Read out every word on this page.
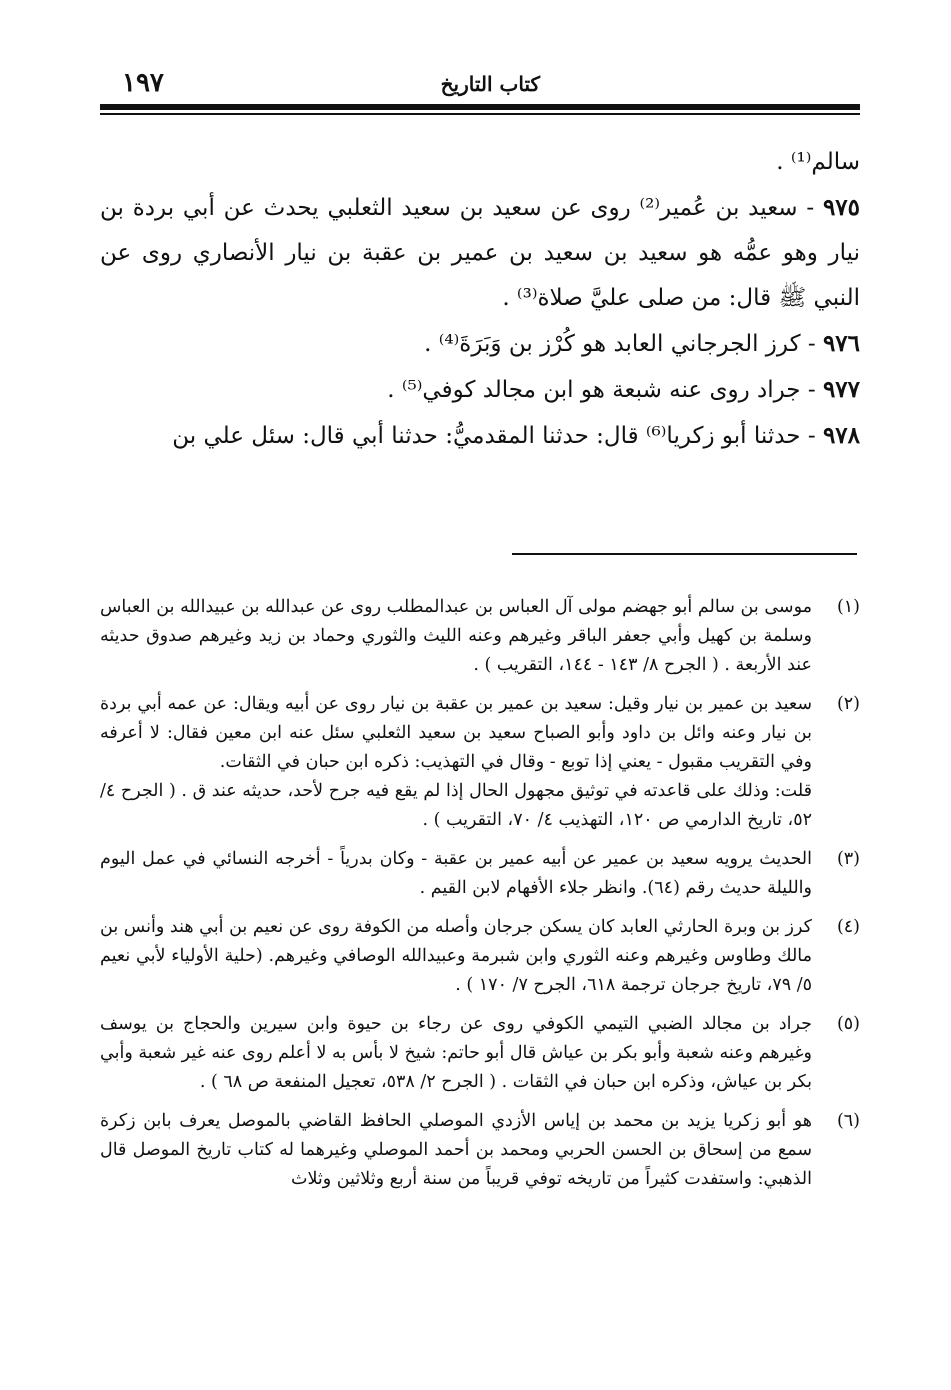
كتاب التاريخ
١٩٧

سالم⁽¹⁾ .

٩٧٥ - سعيد بن عُمير⁽²⁾ روى عن سعيد بن سعيد الثعلبي يحدث عن أبي بردة بن نيار وهو عمُّه هو سعيد بن سعيد بن عمير بن عقبة بن نيار الأنصاري روى عن النبي ﷺ قال: من صلى عليَّ صلاة⁽³⁾ .

٩٧٦ - كرز الجرجاني العابد هو كُرْز بن وَبَرَةَ⁽⁴⁾ .

٩٧٧ - جراد روى عنه شبعة هو ابن مجالد كوفي⁽⁵⁾ .

٩٧٨ - حدثنا أبو زكريا⁽⁶⁾ قال: حدثنا المقدميُّ: حدثنا أبي قال: سئل علي بن

(١)

موسى بن سالم أبو جهضم مولى آل العباس بن عبدالمطلب روى عن عبدالله بن عبيدالله بن العباس وسلمة بن كهيل وأبي جعفر الباقر وغيرهم وعنه الليث والثوري وحماد بن زيد وغيرهم صدوق حديثه عند الأربعة . ( الجرح ٨/ ١٤٣ - ١٤٤، التقريب ) .

(٢)

سعيد بن عمير بن نيار وقيل: سعيد بن عمير بن عقبة بن نيار روى عن أبيه ويقال: عن عمه أبي بردة بن نيار وعنه وائل بن داود وأبو الصباح سعيد بن سعيد الثعلبي سئل عنه ابن معين فقال: لا أعرفه وفي التقريب مقبول - يعني إذا توبع - وقال في التهذيب: ذكره ابن حبان في الثقات.

قلت: وذلك على قاعدته في توثيق مجهول الحال إذا لم يقع فيه جرح لأحد، حديثه عند ق . ( الجرح ٤/ ٥٢، تاريخ الدارمي ص ١٢٠، التهذيب ٤/ ٧٠، التقريب ) .

(٣)

الحديث يرويه سعيد بن عمير عن أبيه عمير بن عقبة - وكان بدرياً - أخرجه النسائي في عمل اليوم والليلة حديث رقم (٦٤). وانظر جلاء الأفهام لابن القيم .

(٤)

كرز بن وبرة الحارثي العابد كان يسكن جرجان وأصله من الكوفة روى عن نعيم بن أبي هند وأنس بن مالك وطاوس وغيرهم وعنه الثوري وابن شبرمة وعبيدالله الوصافي وغيرهم. (حلية الأولياء لأبي نعيم ٥/ ٧٩، تاريخ جرجان ترجمة ٦١٨، الجرح ٧/ ١٧٠ ) .

(٥)

جراد بن مجالد الضبي التيمي الكوفي روى عن رجاء بن حيوة وابن سيرين والحجاج بن يوسف وغيرهم وعنه شعبة وأبو بكر بن عياش قال أبو حاتم: شيخ لا بأس به لا أعلم روى عنه غير شعبة وأبي بكر بن عياش، وذكره ابن حبان في الثقات . ( الجرح ٢/ ٥٣٨، تعجيل المنفعة ص ٦٨ ) .

(٦)

هو أبو زكريا يزيد بن محمد بن إياس الأزدي الموصلي الحافظ القاضي بالموصل يعرف بابن زكرة سمع من إسحاق بن الحسن الحربي ومحمد بن أحمد الموصلي وغيرهما له كتاب تاريخ الموصل قال الذهبي: واستفدت كثيراً من تاريخه توفي قريباً من سنة أربع وثلاثين وثلاث
